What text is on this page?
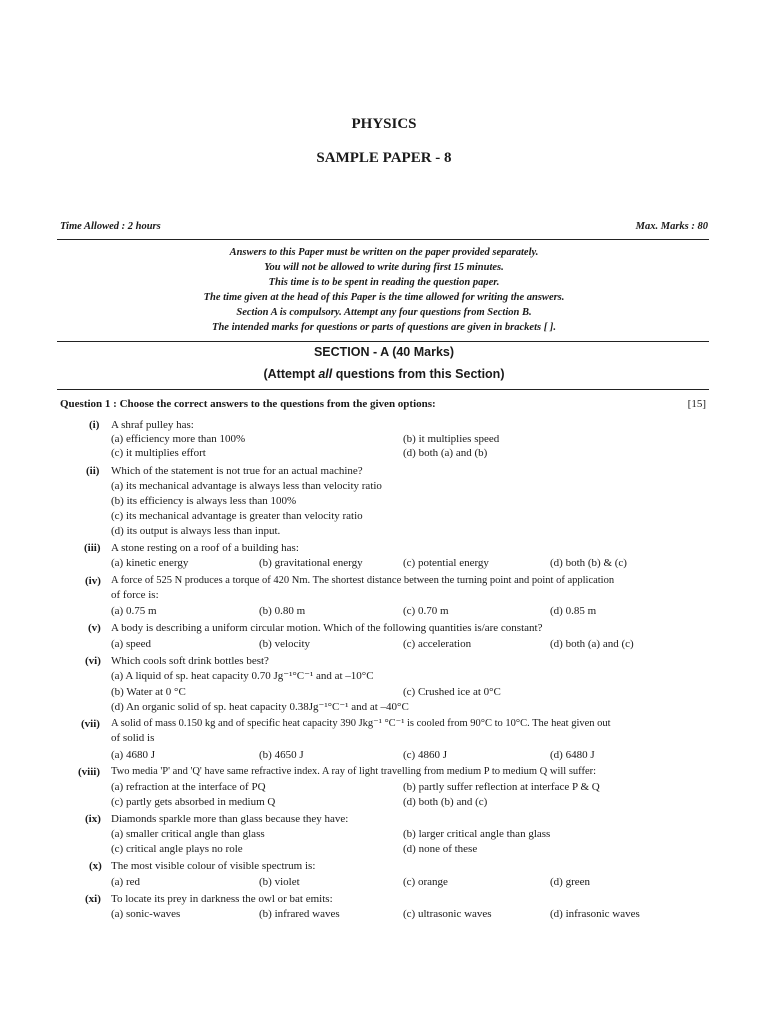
PHYSICS
SAMPLE PAPER - 8
Time Allowed : 2 hours	Max. Marks : 80
Answers to this Paper must be written on the paper provided separately.
You will not be allowed to write during first 15 minutes.
This time is to be spent in reading the question paper.
The time given at the head of this Paper is the time allowed for writing the answers.
Section A is compulsory. Attempt any four questions from Section B.
The intended marks for questions or parts of questions are given in brackets [ ].
SECTION - A (40 Marks)
(Attempt all questions from this Section)
Question 1 : Choose the correct answers to the questions from the given options:	[15]
(i) A shraf pulley has:
(a) efficiency more than 100%	(b) it multiplies speed
(c) it multiplies effort	(d) both (a) and (b)
(ii) Which of the statement is not true for an actual machine?
(a) its mechanical advantage is always less than velocity ratio
(b) its efficiency is always less than 100%
(c) its mechanical advantage is greater than velocity ratio
(d) its output is always less than input.
(iii) A stone resting on a roof of a building has:
(a) kinetic energy	(b) gravitational energy	(c) potential energy	(d) both (b) & (c)
(iv) A force of 525 N produces a torque of 420 Nm. The shortest distance between the turning point and point of application
of force is:
(a) 0.75 m	(b) 0.80 m	(c) 0.70 m	(d) 0.85 m
(v) A body is describing a uniform circular motion. Which of the following quantities is/are constant?
(a) speed	(b) velocity	(c) acceleration	(d) both (a) and (c)
(vi) Which cools soft drink bottles best?
(a) A liquid of sp. heat capacity 0.70 Jg⁻¹°C⁻¹ and at –10°C
(b) Water at 0 °C	(c) Crushed ice at 0°C
(d) An organic solid of sp. heat capacity 0.38Jg⁻¹°C⁻¹ and at –40°C
(vii) A solid of mass 0.150 kg and of specific heat capacity 390 Jkg⁻¹ °C⁻¹ is cooled from 90°C to 10°C. The heat given out
of solid is
(a) 4680 J	(b) 4650 J	(c) 4860 J	(d) 6480 J
(viii) Two media 'P' and 'Q' have same refractive index. A ray of light travelling from medium P to medium Q will suffer:
(a) refraction at the interface of PQ	(b) partly suffer reflection at interface P & Q
(c) partly gets absorbed in medium Q	(d) both (b) and (c)
(ix) Diamonds sparkle more than glass because they have:
(a) smaller critical angle than glass	(b) larger critical angle than glass
(c) critical angle plays no role	(d) none of these
(x) The most visible colour of visible spectrum is:
(a) red	(b) violet	(c) orange	(d) green
(xi) To locate its prey in darkness the owl or bat emits:
(a) sonic-waves	(b) infrared waves	(c) ultrasonic waves	(d) infrasonic waves
